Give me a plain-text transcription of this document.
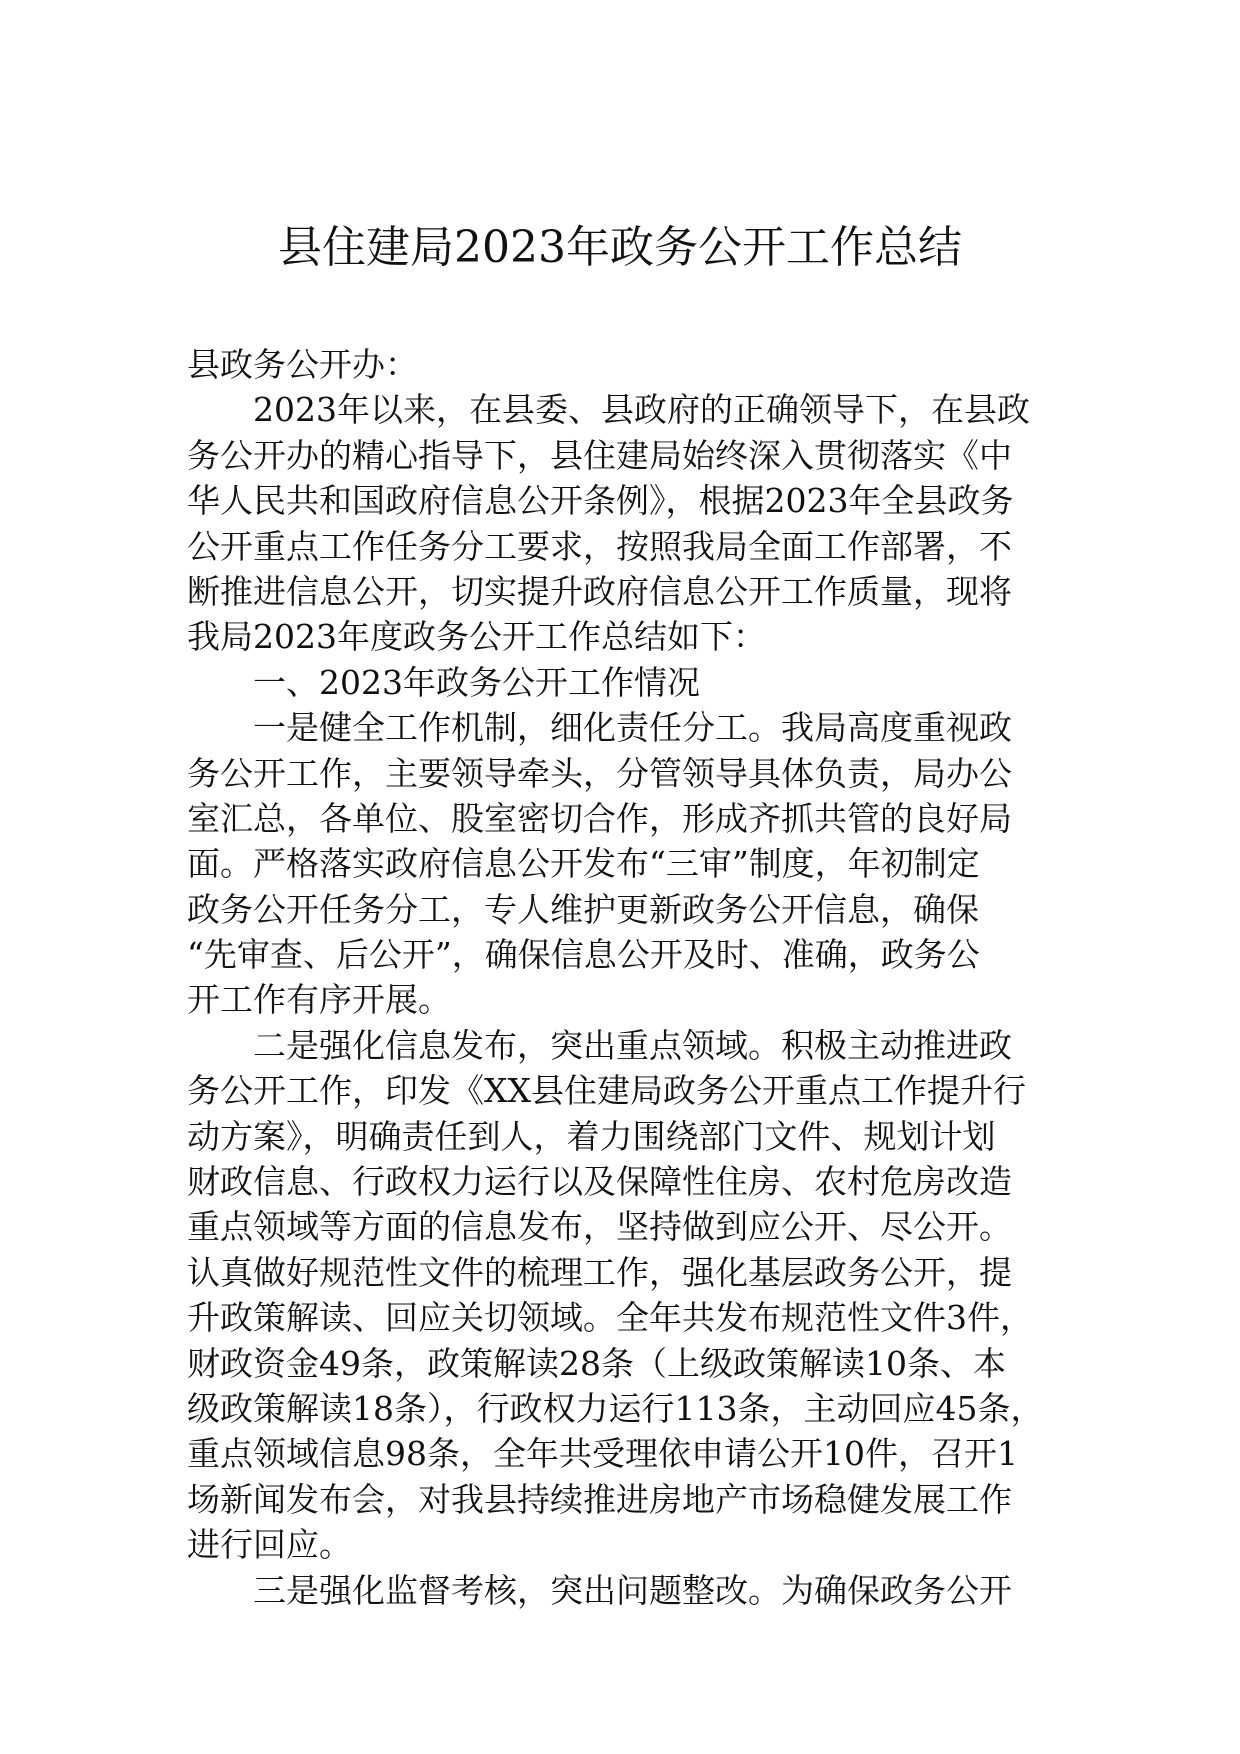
县住建局2023年政务公开工作总结
县政务公开办：
2023年以来，在县委、县政府的正确领导下，在县政
务公开办的精心指导下，县住建局始终深入贯彻落实《中
华人民共和国政府信息公开条例》，根据2023年全县政务
公开重点工作任务分工要求，按照我局全面工作部署，不
断推进信息公开，切实提升政府信息公开工作质量，现将
我局2023年度政务公开工作总结如下：
一、2023年政务公开工作情况
一是健全工作机制，细化责任分工。我局高度重视政
务公开工作，主要领导牵头，分管领导具体负责，局办公
室汇总，各单位、股室密切合作，形成齐抓共管的良好局
面。严格落实政府信息公开发布“三审”制度，年初制定
政务公开任务分工，专人维护更新政务公开信息，确保
“先审查、后公开”，确保信息公开及时、准确，政务公
开工作有序开展。
二是强化信息发布，突出重点领域。积极主动推进政
务公开工作，印发《XX县住建局政务公开重点工作提升行
动方案》，明确责任到人，着力围绕部门文件、规划计划
财政信息、行政权力运行以及保障性住房、农村危房改造
重点领域等方面的信息发布，坚持做到应公开、尽公开。
认真做好规范性文件的梳理工作，强化基层政务公开，提
升政策解读、回应关切领域。全年共发布规范性文件3件，
财政资金49条，政策解读28条（上级政策解读10条、本
级政策解读18条），行政权力运行113条，主动回应45条，
重点领域信息98条，全年共受理依申请公开10件，召开1
场新闻发布会，对我县持续推进房地产市场稳健发展工作
进行回应。
三是强化监督考核，突出问题整改。为确保政务公开
